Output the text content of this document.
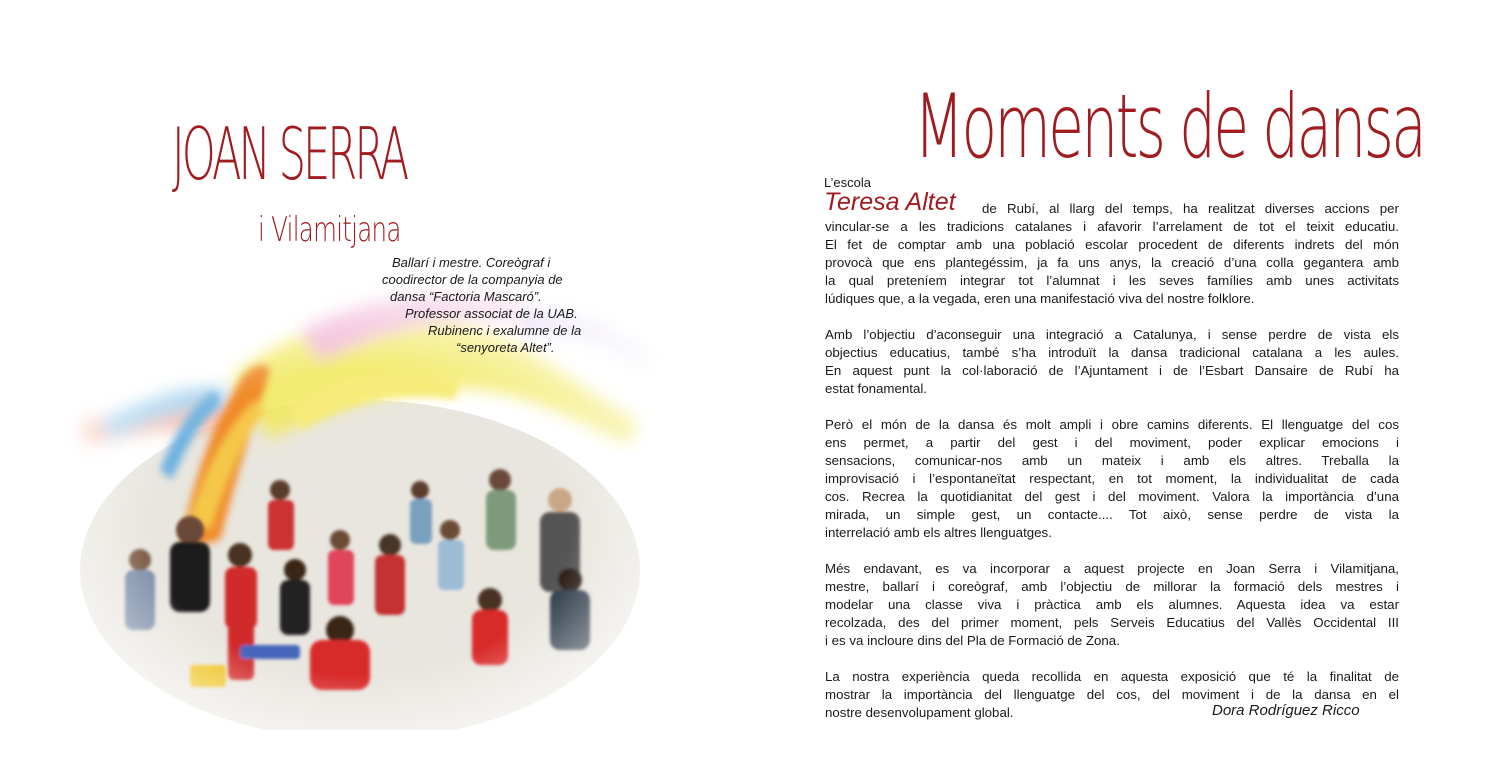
JOAN SERRA
i Vilamitjana
Ballarí i mestre. Coreògraf i
coodirector de la companyia de
dansa “Factoria Mascaró”.
Professor associat de la UAB.
Rubinenc i exalumne de la
“senyoreta Altet”.
Moments de dansa
L’escola
Teresa Altet	de Rubí, al llarg del temps, ha realitzat diverses accions per
vincular-se a les tradicions catalanes i afavorir l’arrelament de tot el teixit educatiu.
El fet de comptar amb una població escolar procedent de diferents indrets del món
provocà que ens plantegéssim, ja fa uns anys, la creació d’una colla gegantera amb
la qual preteníem integrar tot l’alumnat i les seves famílies amb unes activitats
lúdiques que, a la vegada, eren una manifestació viva del nostre folklore.
Amb l’objectiu d’aconseguir una integració a Catalunya, i sense perdre de vista els
objectius educatius, també s’ha introduït la dansa tradicional catalana a les aules.
En aquest punt la col·laboració de l’Ajuntament i de l’Esbart Dansaire de Rubí ha
estat fonamental.
Però el món de la dansa és molt ampli i obre camins diferents. El llenguatge del cos
ens permet, a partir del gest i del moviment, poder explicar emocions i
sensacions, comunicar-nos amb un mateix i amb els altres. Treballa la
improvisació i l’espontaneïtat respectant, en tot moment, la individualitat de cada
cos. Recrea la quotidianitat del gest i del moviment. Valora la importància d’una
mirada, un simple gest, un contacte.... Tot això, sense perdre de vista la
interrelació amb els altres llenguatges.
Més endavant, es va incorporar a aquest projecte en Joan Serra i Vilamitjana,
mestre, ballarí i coreògraf, amb l’objectiu de millorar la formació dels mestres i
modelar una classe viva i pràctica amb els alumnes. Aquesta idea va estar
recolzada, des del primer moment, pels Serveis Educatius del Vallès Occidental III
i es va incloure dins del Pla de Formació de Zona.
La nostra experiència queda recollida en aquesta exposició que té la finalitat de
mostrar la importància del llenguatge del cos, del moviment i de la dansa en el
nostre desenvolupament global.	Dora Rodríguez Ricco
